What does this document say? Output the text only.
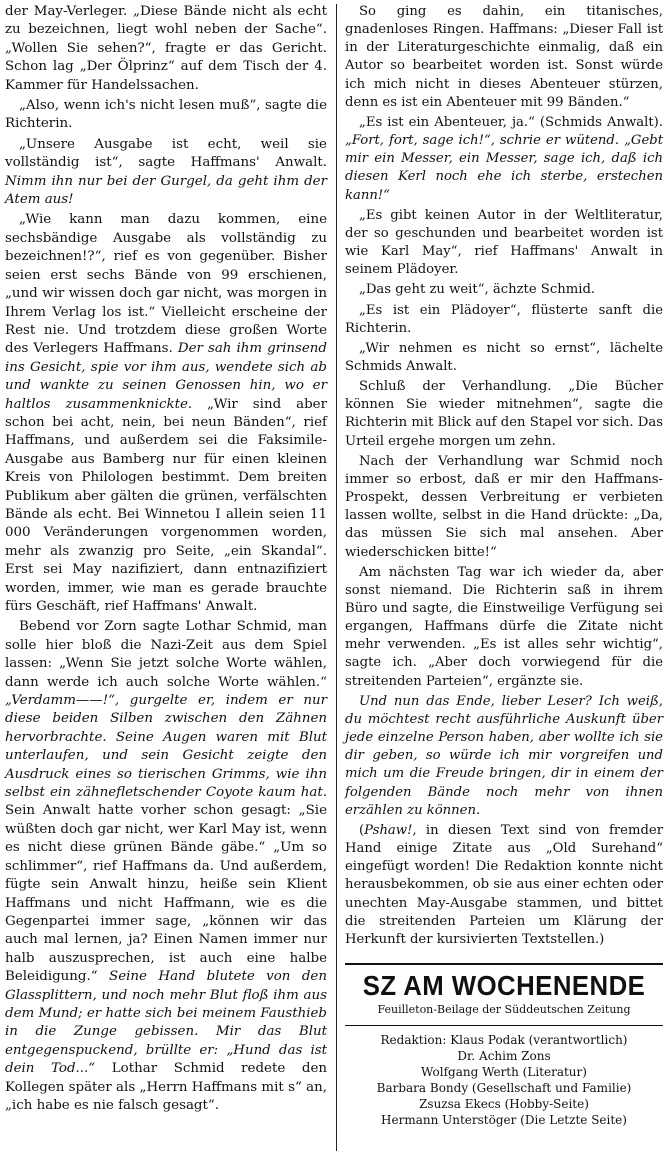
der May-Verleger. „Diese Bände nicht als echt zu bezeichnen, liegt wohl neben der Sache“. „Wollen Sie sehen?“, fragte er das Gericht. Schon lag „Der Ölprinz“ auf dem Tisch der 4. Kammer für Handelssachen.

„Also, wenn ich's nicht lesen muß“, sagte die Richterin.

„Unsere Ausgabe ist echt, weil sie vollständig ist“, sagte Haffmans' Anwalt. Nimm ihn nur bei der Gurgel, da geht ihm der Atem aus!

„Wie kann man dazu kommen, eine sechsbändige Ausgabe als vollständig zu bezeichnen!?“, rief es von gegenüber. Bisher seien erst sechs Bände von 99 erschienen, „und wir wissen doch gar nicht, was morgen in Ihrem Verlag los ist.“ Vielleicht erscheine der Rest nie. Und trotzdem diese großen Worte des Verlegers Haffmans. Der sah ihm grinsend ins Gesicht, spie vor ihm aus, wendete sich ab und wankte zu seinen Genossen hin, wo er haltlos zusammenknickte. „Wir sind aber schon bei acht, nein, bei neun Bänden“, rief Haffmans, und außerdem sei die Faksimile-Ausgabe aus Bamberg nur für einen kleinen Kreis von Philologen bestimmt. Dem breiten Publikum aber gälten die grünen, verfälschten Bände als echt. Bei Winnetou I allein seien 11 000 Veränderungen vorgenommen worden, mehr als zwanzig pro Seite, „ein Skandal“. Erst sei May nazifiziert, dann entnazifiziert worden, immer, wie man es gerade brauchte fürs Geschäft, rief Haffmans' Anwalt.

Bebend vor Zorn sagte Lothar Schmid, man solle hier bloß die Nazi-Zeit aus dem Spiel lassen: „Wenn Sie jetzt solche Worte wählen, dann werde ich auch solche Worte wählen.“ „Verdamm——!“, gurgelte er, indem er nur diese beiden Silben zwischen den Zähnen hervorbrachte. Seine Augen waren mit Blut unterlaufen, und sein Gesicht zeigte den Ausdruck eines so tierischen Grimms, wie ihn selbst ein zähnefletschender Coyote kaum hat. Sein Anwalt hatte vorher schon gesagt: „Sie wüßten doch gar nicht, wer Karl May ist, wenn es nicht diese grünen Bände gäbe.“ „Um so schlimmer“, rief Haffmans da. Und außerdem, fügte sein Anwalt hinzu, heiße sein Klient Haffmans und nicht Haffmann, wie es die Gegenpartei immer sage, „können wir das auch mal lernen, ja? Einen Namen immer nur halb auszusprechen, ist auch eine halbe Beleidigung.“ Seine Hand blutete von den Glassplittern, und noch mehr Blut floß ihm aus dem Mund; er hatte sich bei meinem Fausthieb in die Zunge gebissen. Mir das Blut entgegenspuckend, brüllte er: „Hund das ist dein Tod...“ Lothar Schmid redete den Kollegen später als „Herrn Haffmans mit s“ an, „ich habe es nie falsch gesagt“.

So ging es dahin, ein titanisches, gnadenloses Ringen. Haffmans: „Dieser Fall ist in der Literaturgeschichte einmalig, daß ein Autor so bearbeitet worden ist. Sonst würde ich mich nicht in dieses Abenteuer stürzen, denn es ist ein Abenteuer mit 99 Bänden.“

„Es ist ein Abenteuer, ja.“ (Schmids Anwalt). „Fort, fort, sage ich!“, schrie er wütend. „Gebt mir ein Messer, ein Messer, sage ich, daß ich diesen Kerl noch ehe ich sterbe, erstechen kann!“

„Es gibt keinen Autor in der Weltliteratur, der so geschunden und bearbeitet worden ist wie Karl May“, rief Haffmans' Anwalt in seinem Plädoyer.

„Das geht zu weit“, ächzte Schmid.

„Es ist ein Plädoyer“, flüsterte sanft die Richterin.

„Wir nehmen es nicht so ernst“, lächelte Schmids Anwalt.

Schluß der Verhandlung. „Die Bücher können Sie wieder mitnehmen“, sagte die Richterin mit Blick auf den Stapel vor sich. Das Urteil ergehe morgen um zehn.

Nach der Verhandlung war Schmid noch immer so erbost, daß er mir den Haffmans-Prospekt, dessen Verbreitung er verbieten lassen wollte, selbst in die Hand drückte: „Da, das müssen Sie sich mal ansehen. Aber wiederschicken bitte!“

Am nächsten Tag war ich wieder da, aber sonst niemand. Die Richterin saß in ihrem Büro und sagte, die Einstweilige Verfügung sei ergangen, Haffmans dürfe die Zitate nicht mehr verwenden. „Es ist alles sehr wichtig“, sagte ich. „Aber doch vorwiegend für die streitenden Parteien“, ergänzte sie.

Und nun das Ende, lieber Leser? Ich weiß, du möchtest recht ausführliche Auskunft über jede einzelne Person haben, aber wollte ich sie dir geben, so würde ich mir vorgreifen und mich um die Freude bringen, dir in einem der folgenden Bände noch mehr von ihnen erzählen zu können.

(Pshaw!, in diesen Text sind von fremder Hand einige Zitate aus „Old Surehand“ eingefügt worden! Die Redaktion konnte nicht herausbekommen, ob sie aus einer echten oder unechten May-Ausgabe stammen, und bittet die streitenden Parteien um Klärung der Herkunft der kursivierten Textstellen.)

SZ AM WOCHENENDE
Feuilleton-Beilage der Süddeutschen Zeitung
Redaktion: Klaus Podak (verantwortlich)
Dr. Achim Zons
Wolfgang Werth (Literatur)
Barbara Bondy (Gesellschaft und Familie)
Zsuzsa Ekecs (Hobby-Seite)
Hermann Unterstöger (Die Letzte Seite)
